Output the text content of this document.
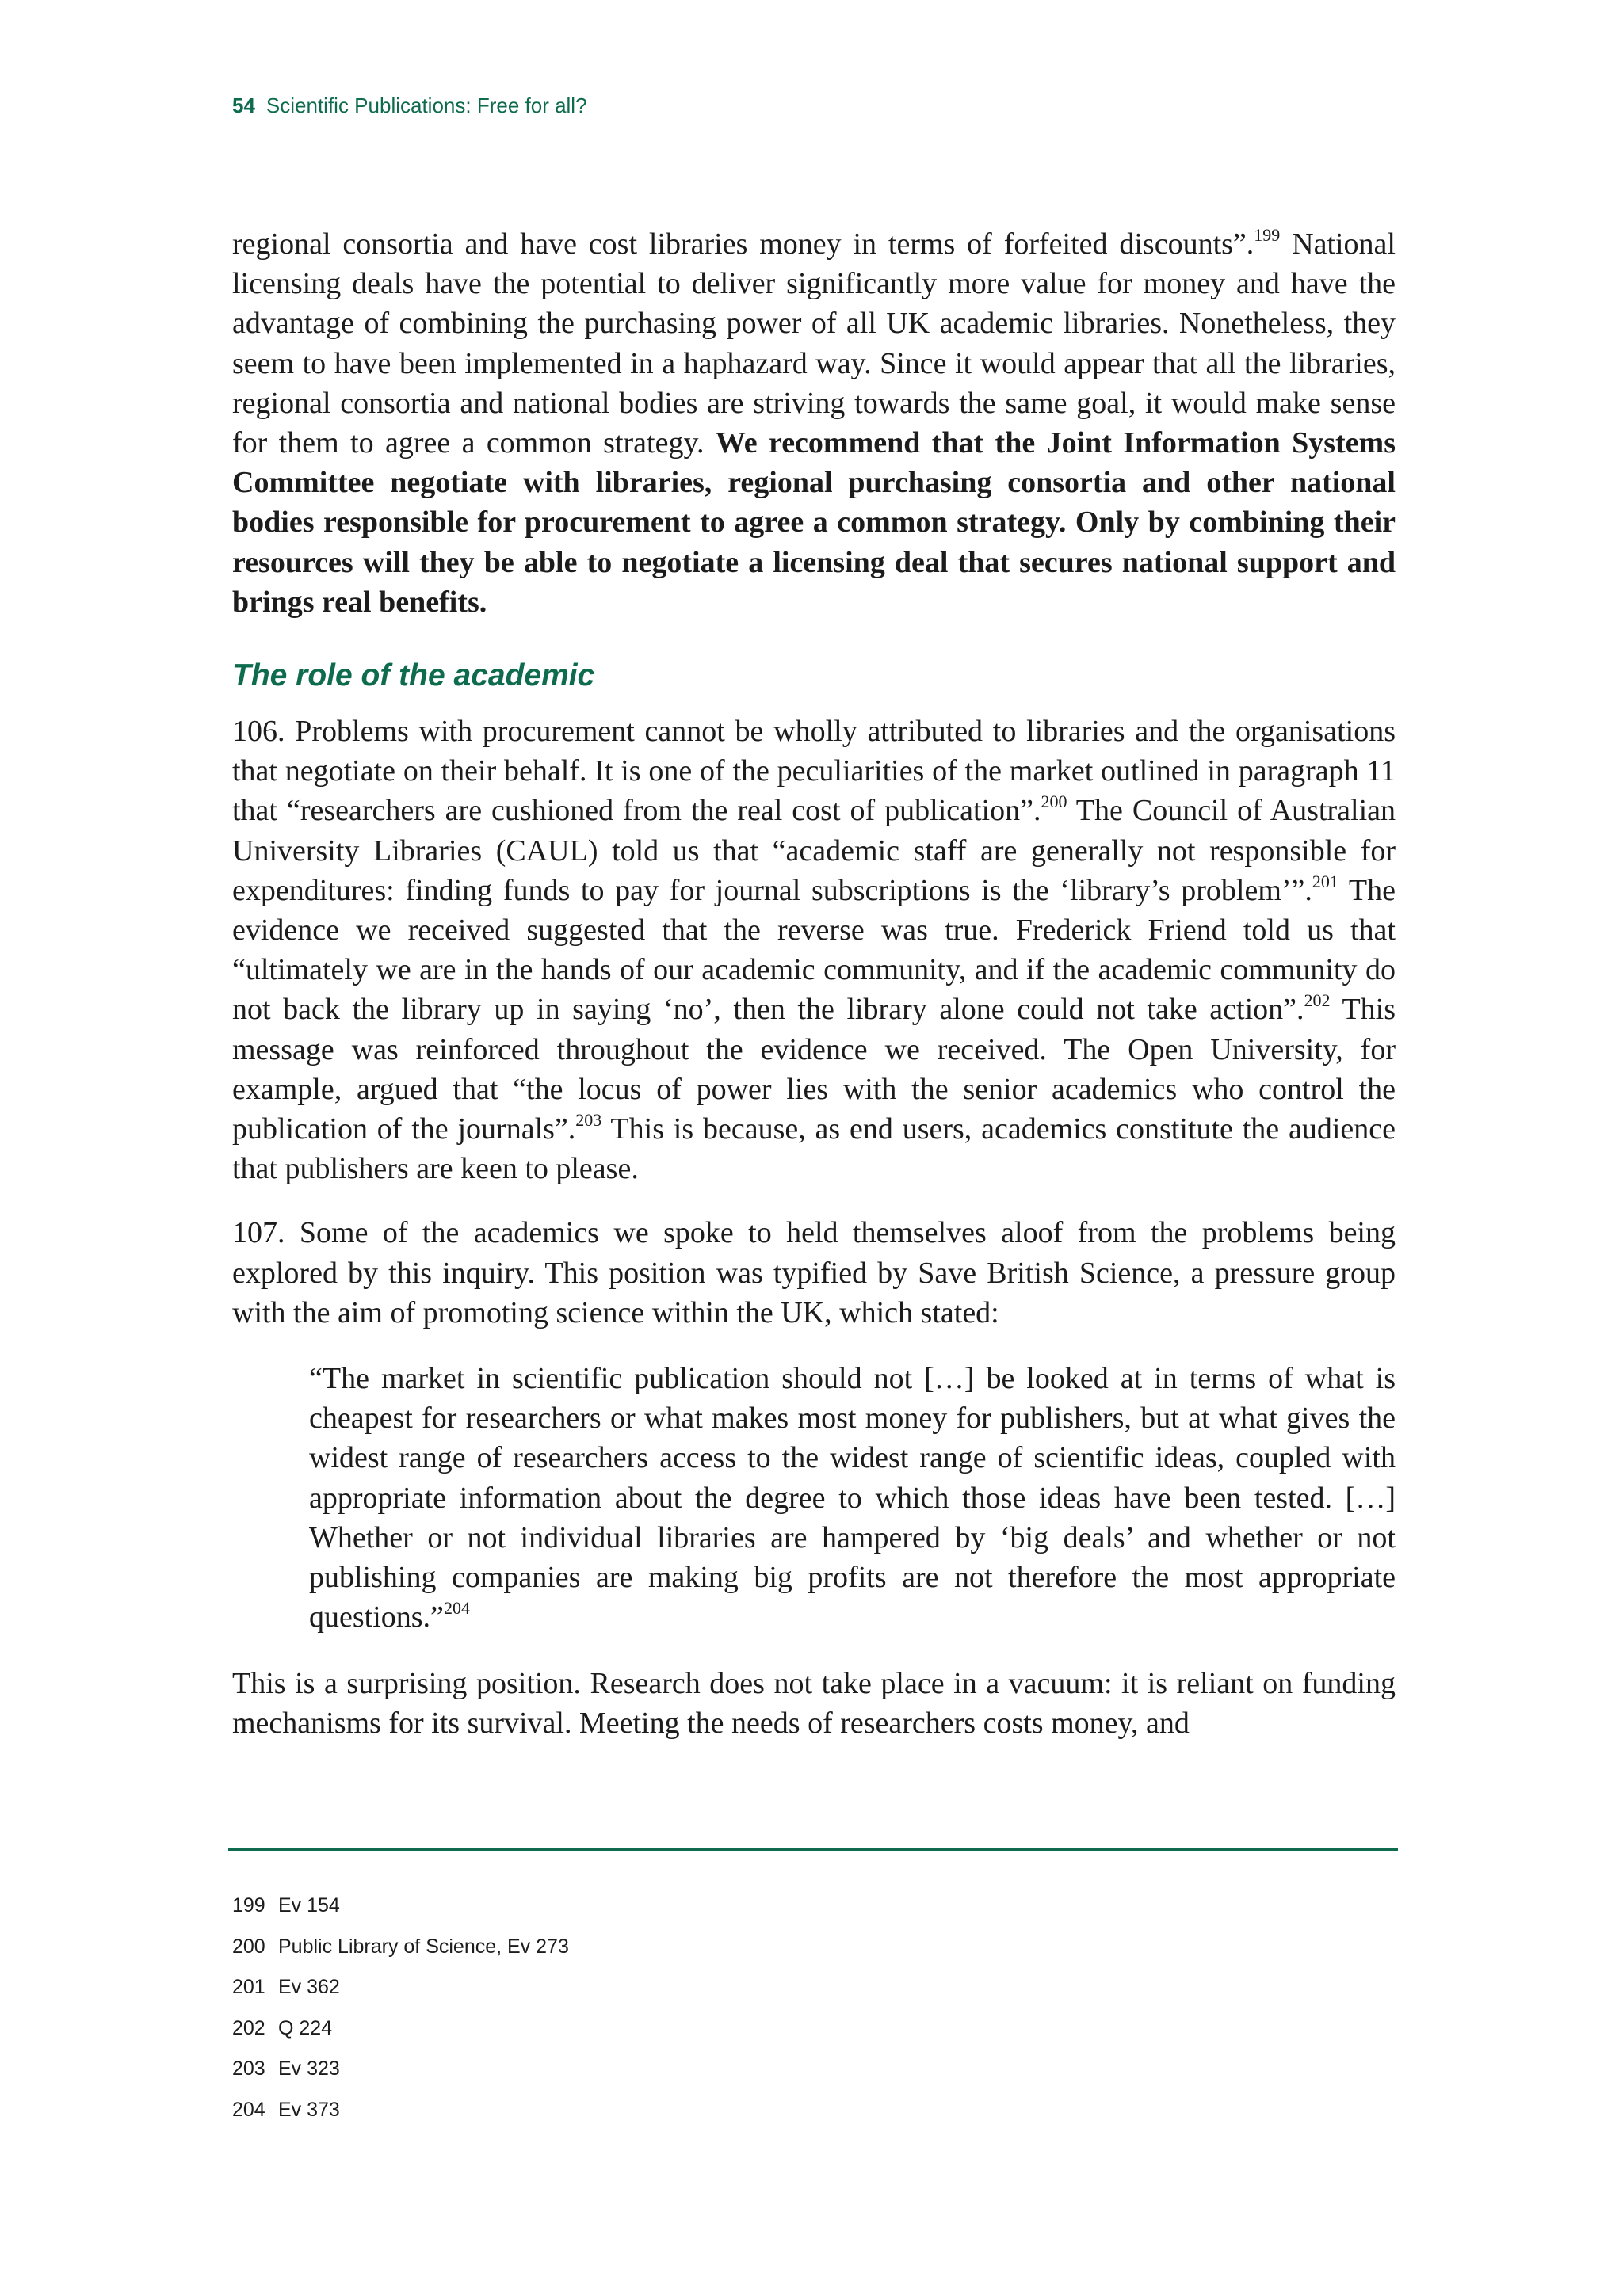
54 Scientific Publications: Free for all?

regional consortia and have cost libraries money in terms of forfeited discounts”.$^{199}$ National licensing deals have the potential to deliver significantly more value for money and have the advantage of combining the purchasing power of all UK academic libraries. Nonetheless, they seem to have been implemented in a haphazard way. Since it would appear that all the libraries, regional consortia and national bodies are striving towards the same goal, it would make sense for them to agree a common strategy. We recommend that the Joint Information Systems Committee negotiate with libraries, regional purchasing consortia and other national bodies responsible for procurement to agree a common strategy. Only by combining their resources will they be able to negotiate a licensing deal that secures national support and brings real benefits.

The role of the academic

106. Problems with procurement cannot be wholly attributed to libraries and the organisations that negotiate on their behalf. It is one of the peculiarities of the market outlined in paragraph 11 that “researchers are cushioned from the real cost of publication”.$^{200}$ The Council of Australian University Libraries (CAUL) told us that “academic staff are generally not responsible for expenditures: finding funds to pay for journal subscriptions is the ‘library’s problem’”.$^{201}$ The evidence we received suggested that the reverse was true. Frederick Friend told us that “ultimately we are in the hands of our academic community, and if the academic community do not back the library up in saying ‘no’, then the library alone could not take action”.$^{202}$ This message was reinforced throughout the evidence we received. The Open University, for example, argued that “the locus of power lies with the senior academics who control the publication of the journals”.$^{203}$ This is because, as end users, academics constitute the audience that publishers are keen to please.

107. Some of the academics we spoke to held themselves aloof from the problems being explored by this inquiry. This position was typified by Save British Science, a pressure group with the aim of promoting science within the UK, which stated:

“The market in scientific publication should not […] be looked at in terms of what is cheapest for researchers or what makes most money for publishers, but at what gives the widest range of researchers access to the widest range of scientific ideas, coupled with appropriate information about the degree to which those ideas have been tested. […] Whether or not individual libraries are hampered by ‘big deals’ and whether or not publishing companies are making big profits are not therefore the most appropriate questions.”$^{204}$

This is a surprising position. Research does not take place in a vacuum: it is reliant on funding mechanisms for its survival. Meeting the needs of researchers costs money, and

199 Ev 154
200 Public Library of Science, Ev 273
201 Ev 362
202 Q 224
203 Ev 323
204 Ev 373
